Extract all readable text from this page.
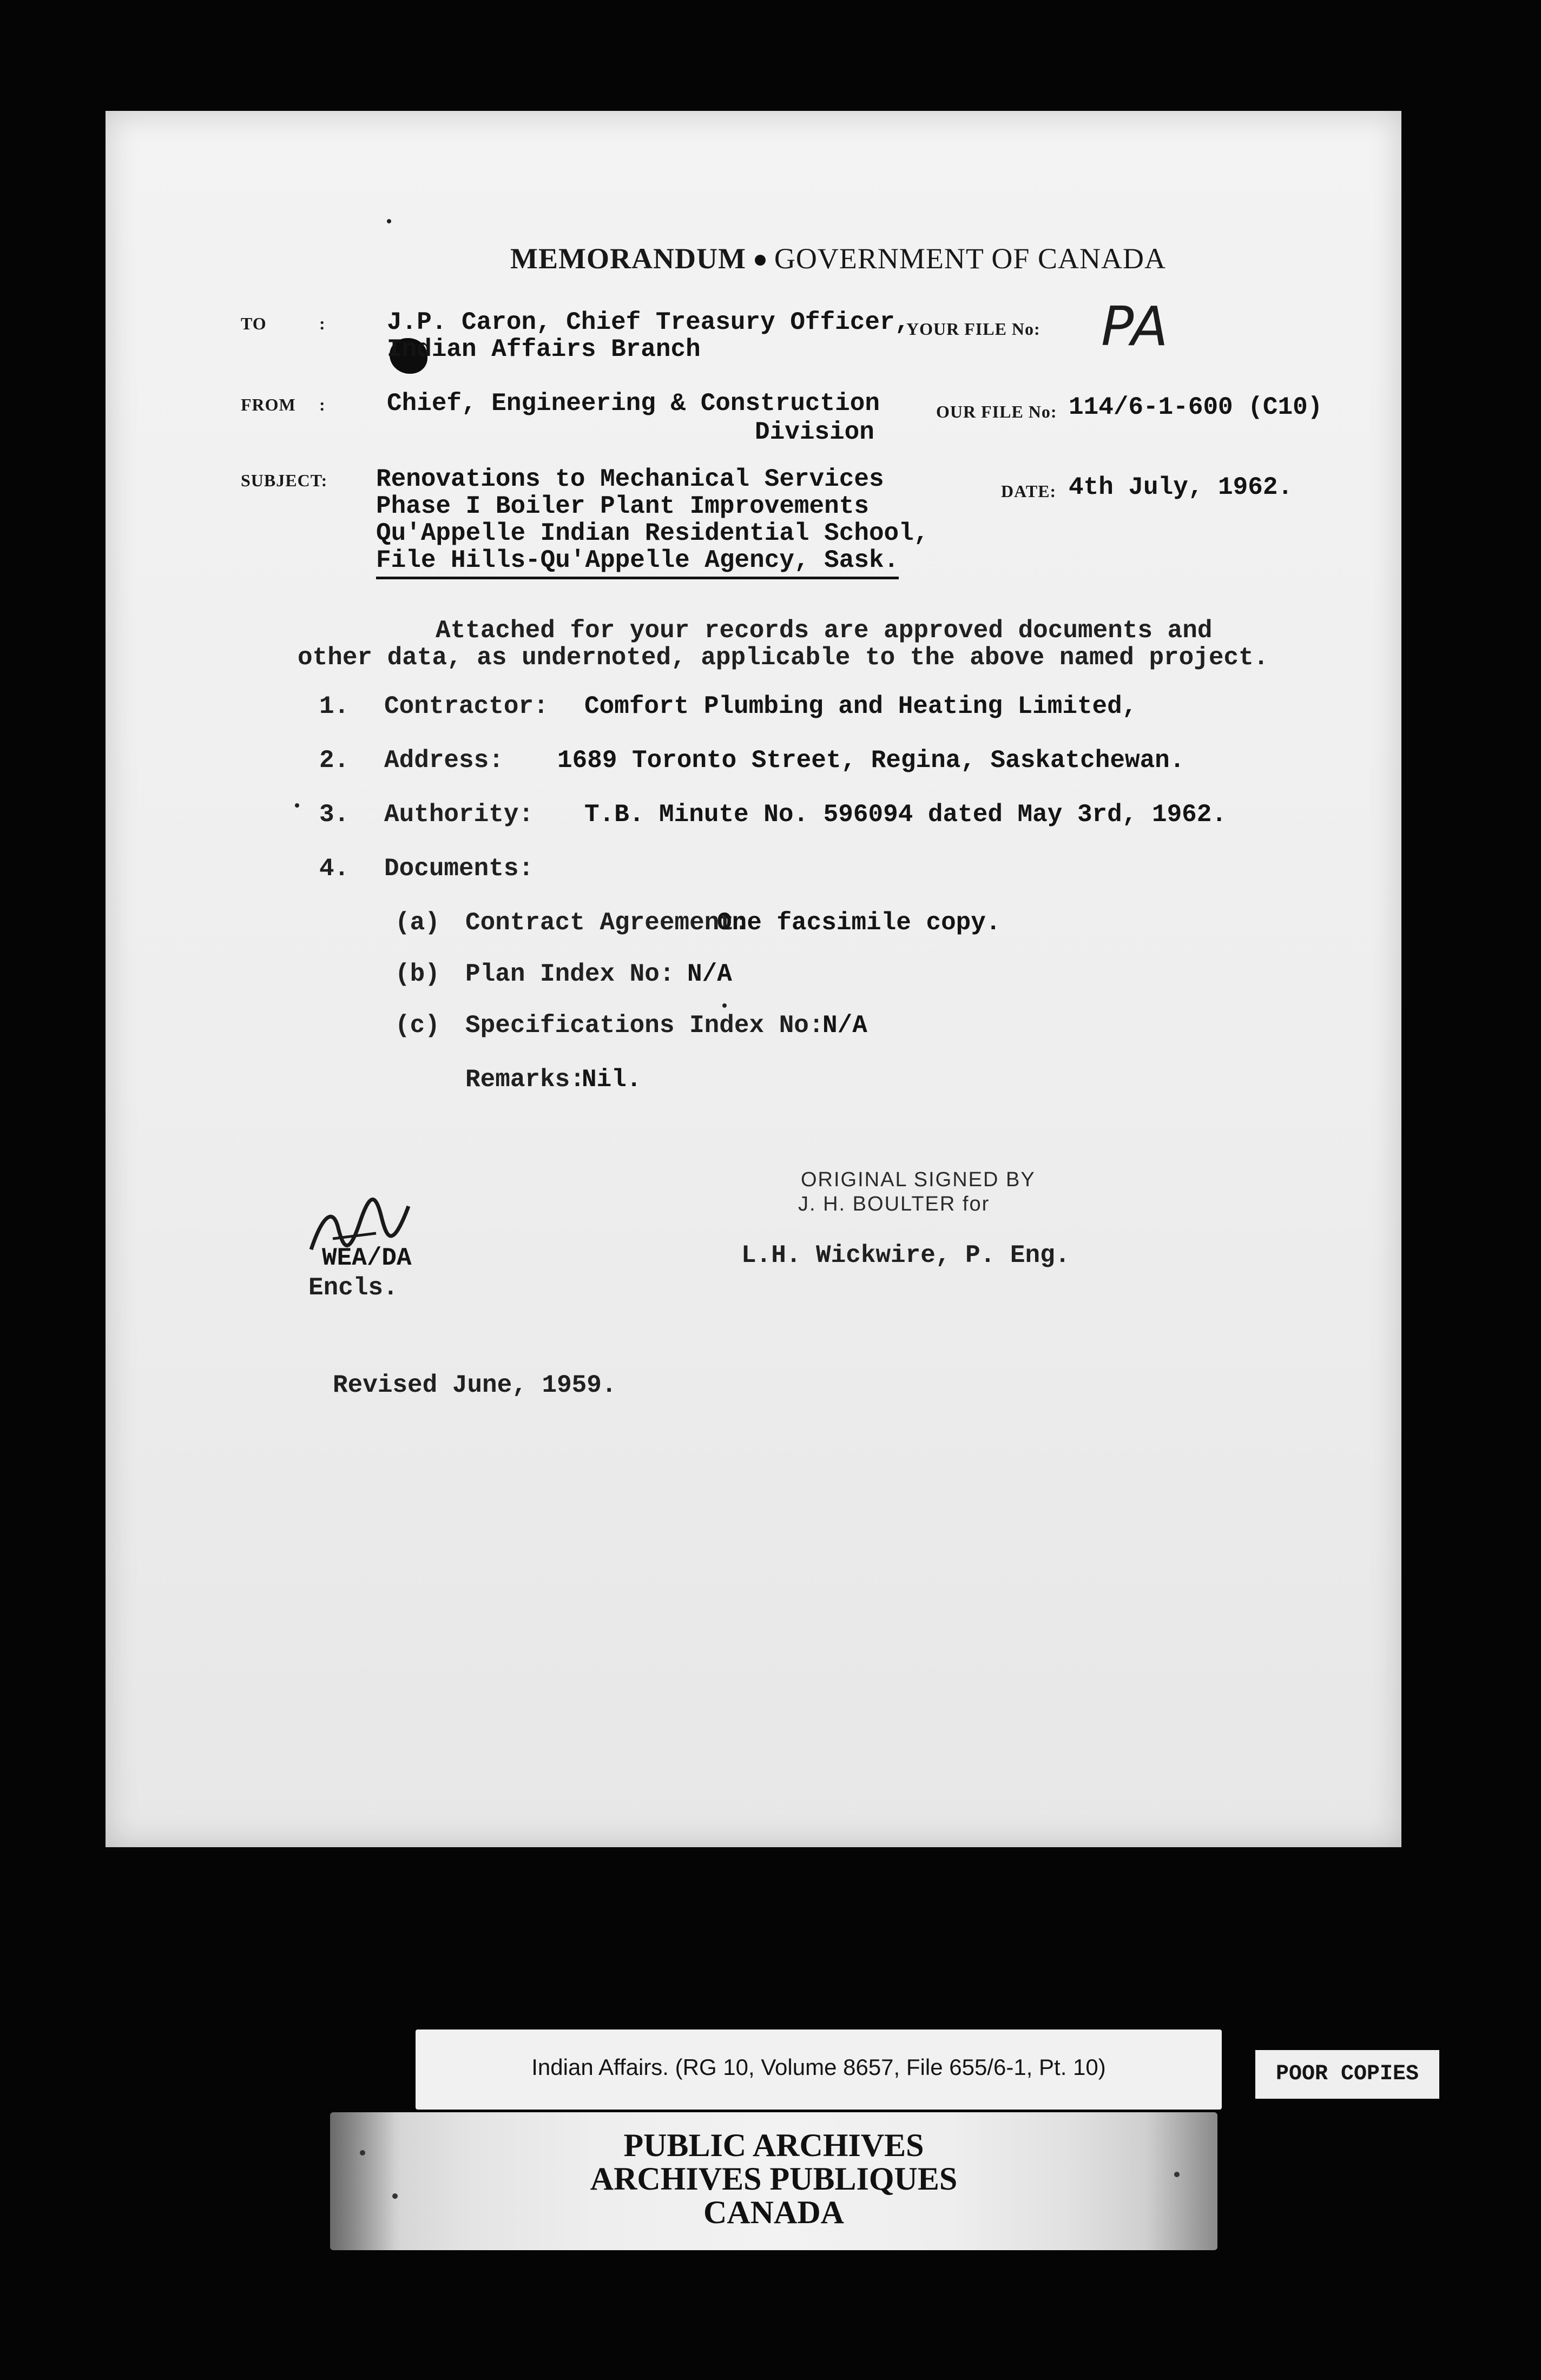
MEMORANDUM GOVERNMENT OF CANADA

TO	: J.P. Caron, Chief Treasury Officer,
Indian Affairs Branch
YOUR FILE No: PA
FROM : Chief, Engineering & Construction
Division
OUR FILE No: 114/6-1-600 (C10)
SUBJECT: Renovations to Mechanical Services
Phase I Boiler Plant Improvements
Qu'Appelle Indian Residential School,
File Hills-Qu'Appelle Agency, Sask.
DATE: 4th July, 1962.
Attached for your records are approved documents and
other data, as undernoted, applicable to the above named project.
1. Contractor: Comfort Plumbing and Heating Limited,
2. Address: 1689 Toronto Street, Regina, Saskatchewan.
3. Authority: T.B. Minute No. 596094 dated May 3rd, 1962.
4. Documents:
(a) Contract Agreement:
One facsimile copy.
(b) Plan Index No: N/A
(c) Specifications Index No:
N/A
Remarks:
Nil.
ORIGINAL SIGNED BY
J. H. BOULTER for
L.H. Wickwire, P. Eng.
WEA/DA
Encls.
Revised June, 1959.
Indian Affairs. (RG 10, Volume 8657, File 655/6-1, Pt. 10)	POOR COPIES
PUBLIC ARCHIVES
ARCHIVES PUBLIQUES
CANADA
